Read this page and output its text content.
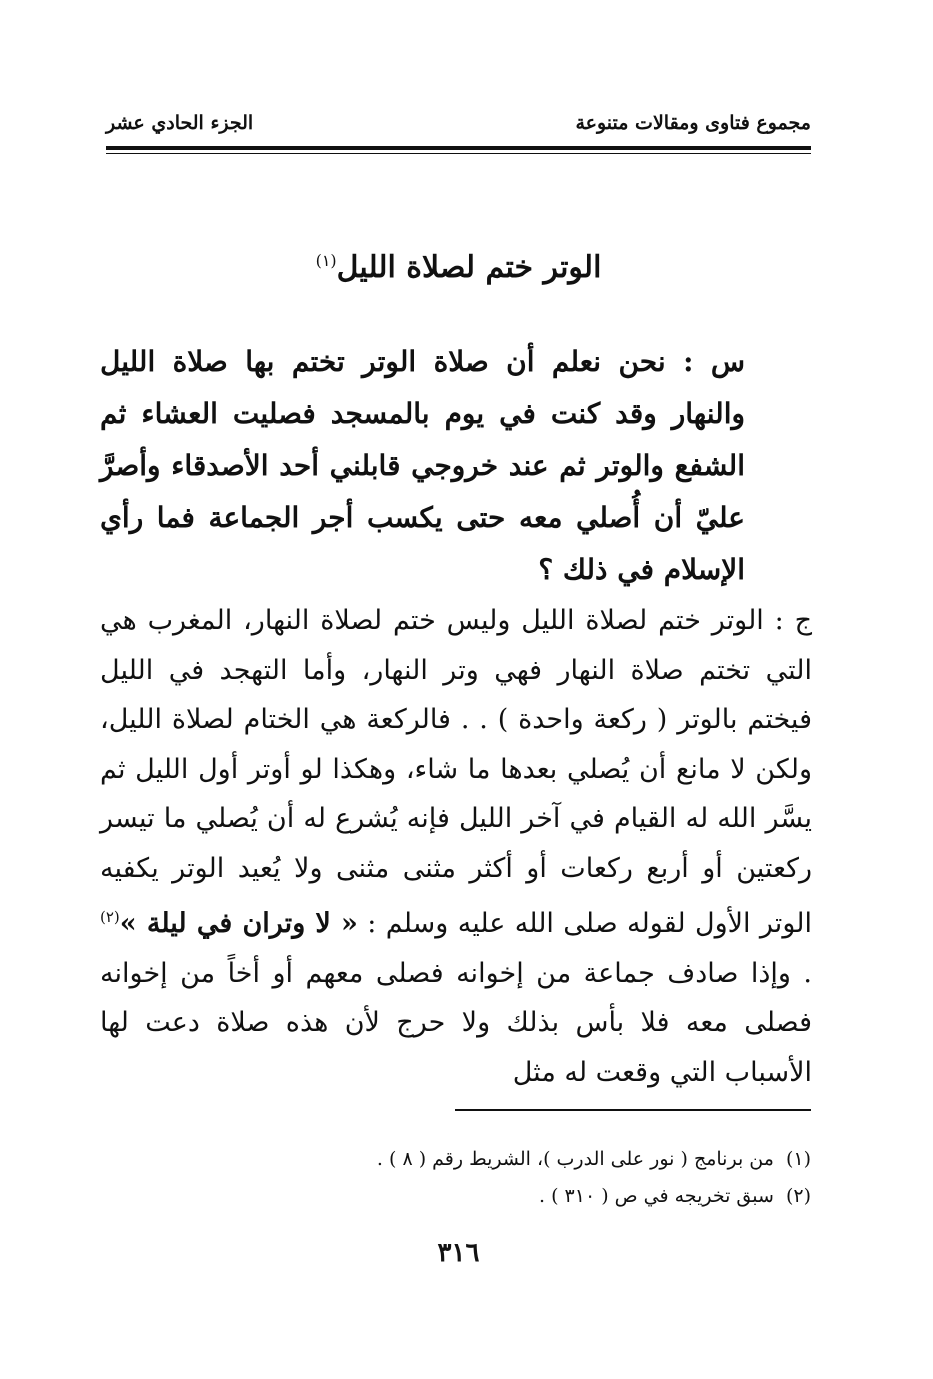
مجموع فتاوى ومقالات متنوعة
الجزء الحادي عشر
الوتر ختم لصلاة الليل$^{(١)}$
س : نحن نعلم أن صلاة الوتر تختم بها صلاة الليل والنهار وقد كنت في يوم بالمسجد فصليت العشاء ثم الشفع والوتر ثم عند خروجي قابلني أحد الأصدقاء وأصرَّ عليّ أن أُصلي معه حتى يكسب أجر الجماعة فما رأي الإسلام في ذلك ؟
ج : الوتر ختم لصلاة الليل وليس ختم لصلاة النهار، المغرب هي التي تختم صلاة النهار فهي وتر النهار، وأما التهجد في الليل فيختم بالوتر ( ركعة واحدة ) . . فالركعة هي الختام لصلاة الليل، ولكن لا مانع أن يُصلي بعدها ما شاء، وهكذا لو أوتر أول الليل ثم يسَّر الله له القيام في آخر الليل فإنه يُشرع له أن يُصلي ما تيسر ركعتين أو أربع ركعات أو أكثر مثنى مثنى ولا يُعيد الوتر يكفيه الوتر الأول لقوله صلى الله عليه وسلم : « لا وتران في ليلة »$^{(٢)}$ . وإذا صادف جماعة من إخوانه فصلى معهم أو أخاً من إخوانه فصلى معه فلا بأس بذلك ولا حرج لأن هذه صلاة دعت لها الأسباب التي وقعت له مثل
(١)من برنامج ( نور على الدرب )، الشريط رقم ( ٨ ) .
(٢)سبق تخريجه في ص ( ٣١٠ ) .
٣١٦
